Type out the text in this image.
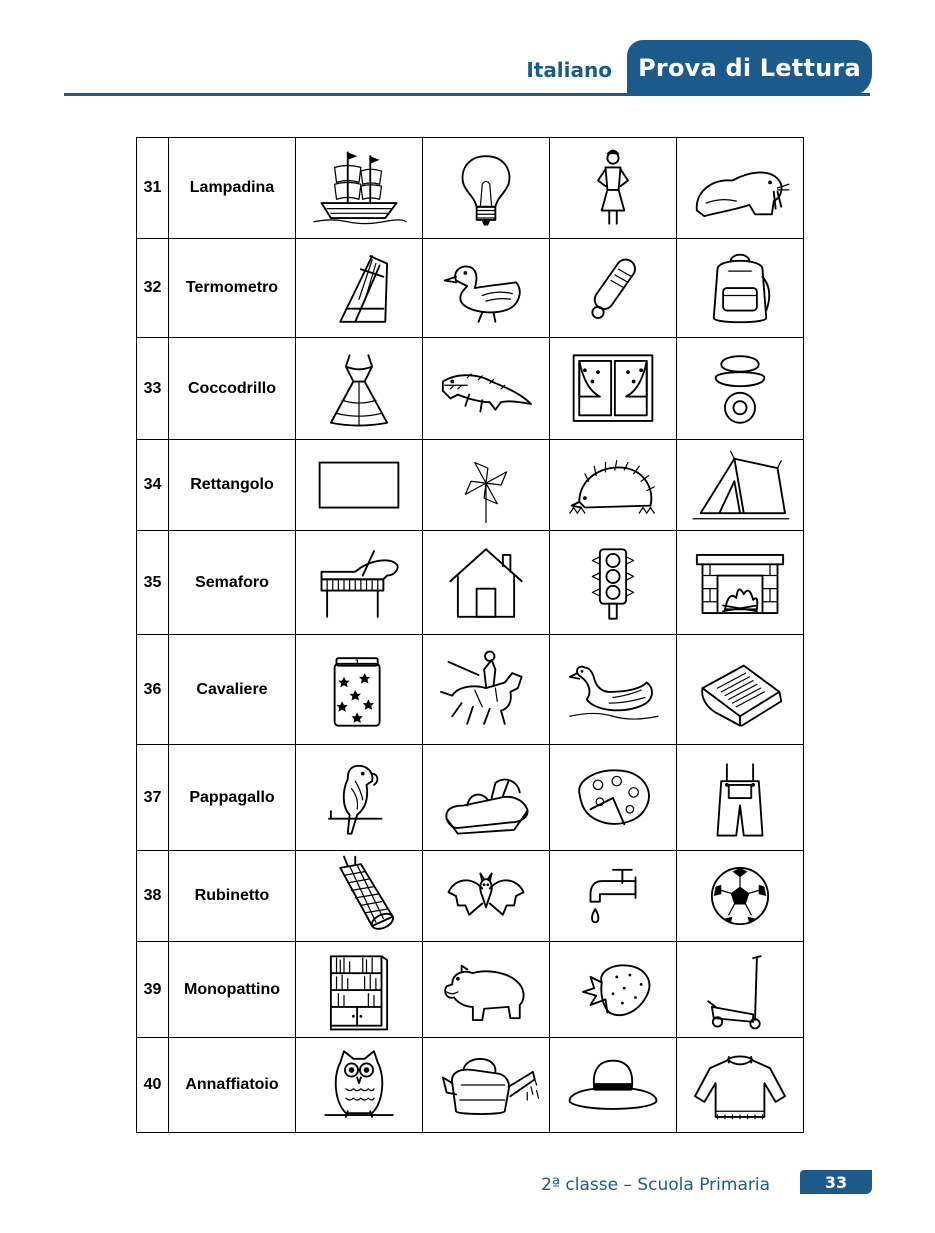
Italiano Prova di Lettura
31	Lampadina	

32	Termometro	

33	Coccodrillo	

34	Rettangolo	

35	Semaforo	

36	Cavaliere	1

37	Pappagallo	

38	Rubinetto	

39	Monopattino	

40	Annaffiatoio	

2ª classe – Scuola Primaria	33
